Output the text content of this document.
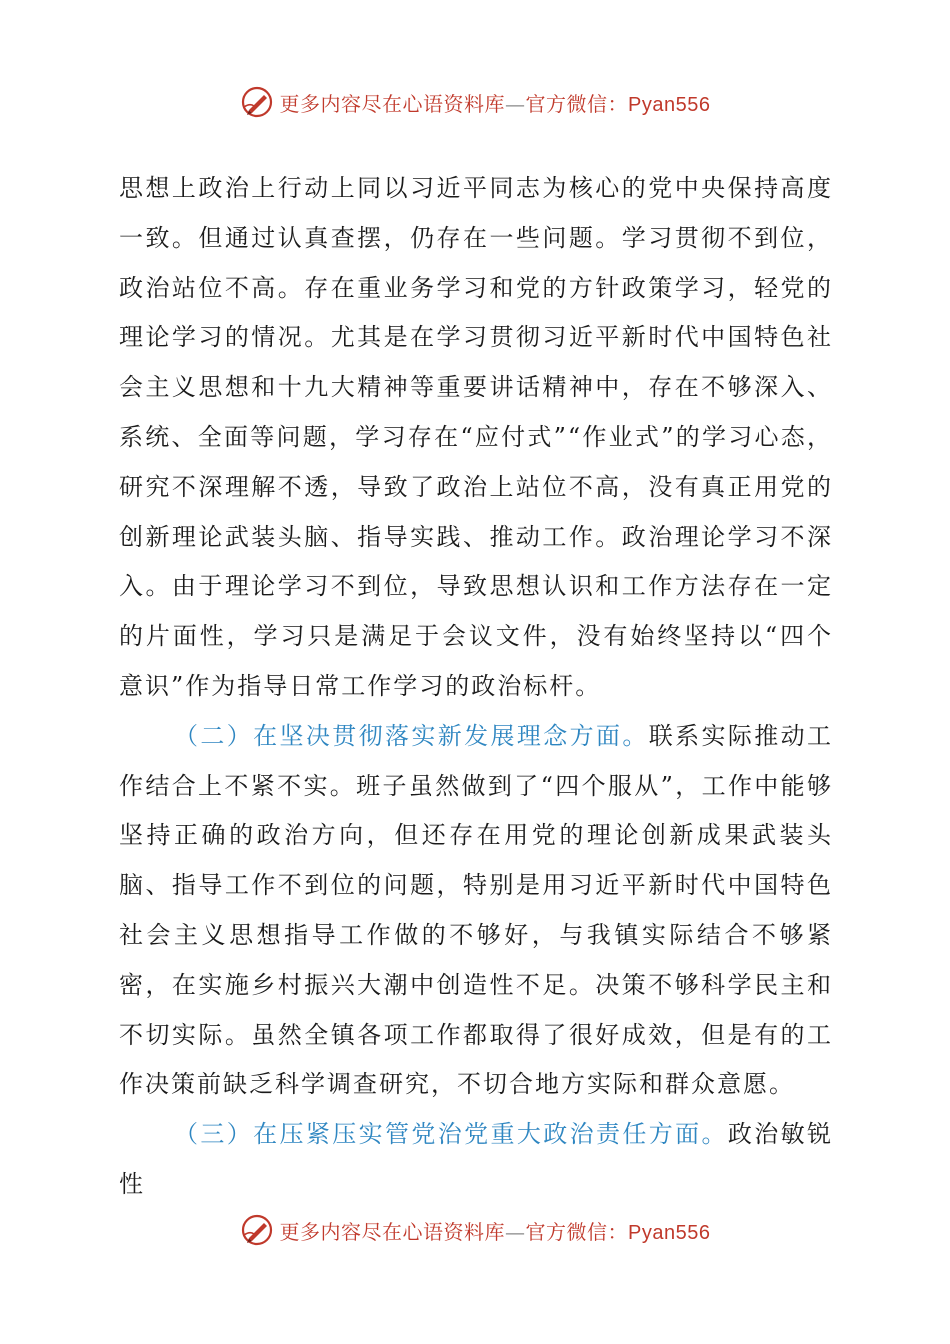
更多内容尽在心语资料库—官方微信：Pyan556

思想上政治上行动上同以习近平同志为核心的党中央保持高度一致。但通过认真查摆，仍存在一些问题。学习贯彻不到位，政治站位不高。存在重业务学习和党的方针政策学习，轻党的理论学习的情况。尤其是在学习贯彻习近平新时代中国特色社会主义思想和十九大精神等重要讲话精神中，存在不够深入、系统、全面等问题，学习存在“应付式”“作业式”的学习心态，研究不深理解不透，导致了政治上站位不高，没有真正用党的创新理论武装头脑、指导实践、推动工作。政治理论学习不深入。由于理论学习不到位，导致思想认识和工作方法存在一定的片面性，学习只是满足于会议文件，没有始终坚持以“四个意识”作为指导日常工作学习的政治标杆。

（二）在坚决贯彻落实新发展理念方面。联系实际推动工作结合上不紧不实。班子虽然做到了“四个服从”，工作中能够坚持正确的政治方向，但还存在用党的理论创新成果武装头脑、指导工作不到位的问题，特别是用习近平新时代中国特色社会主义思想指导工作做的不够好，与我镇实际结合不够紧密，在实施乡村振兴大潮中创造性不足。决策不够科学民主和不切实际。虽然全镇各项工作都取得了很好成效，但是有的工作决策前缺乏科学调查研究，不切合地方实际和群众意愿。

（三）在压紧压实管党治党重大政治责任方面。政治敏锐性

更多内容尽在心语资料库—官方微信：Pyan556
